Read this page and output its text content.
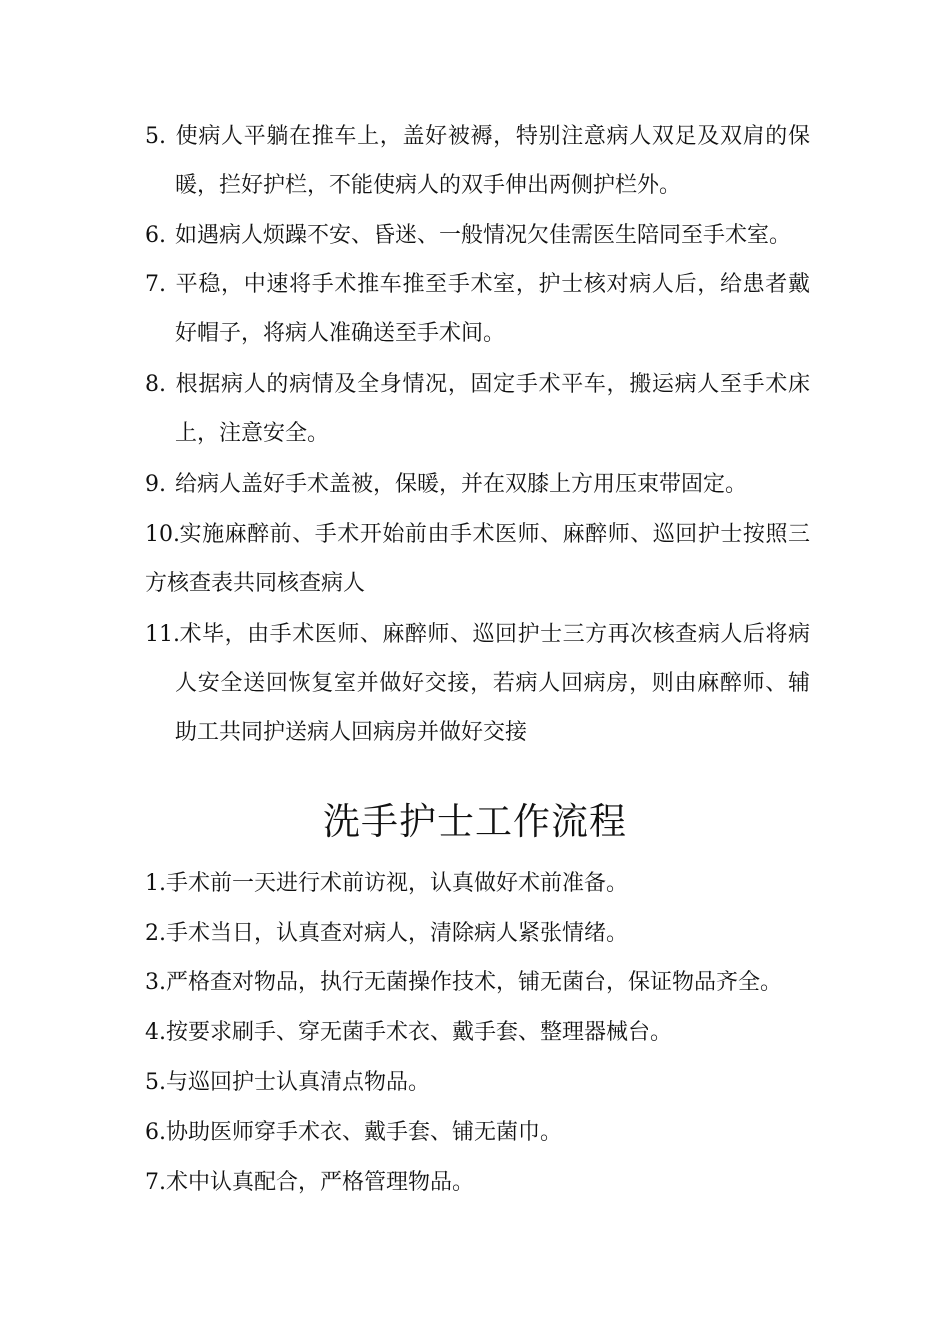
5. 使病人平躺在推车上，盖好被褥，特别注意病人双足及双肩的保暖，拦好护栏，不能使病人的双手伸出两侧护栏外。
6. 如遇病人烦躁不安、昏迷、一般情况欠佳需医生陪同至手术室。
7. 平稳，中速将手术推车推至手术室，护士核对病人后，给患者戴好帽子，将病人准确送至手术间。
8. 根据病人的病情及全身情况，固定手术平车，搬运病人至手术床上，注意安全。
9. 给病人盖好手术盖被，保暖，并在双膝上方用压束带固定。
10.实施麻醉前、手术开始前由手术医师、麻醉师、巡回护士按照三方核查表共同核查病人
11.术毕，由手术医师、麻醉师、巡回护士三方再次核查病人后将病人安全送回恢复室并做好交接，若病人回病房，则由麻醉师、辅助工共同护送病人回病房并做好交接
洗手护士工作流程
1.手术前一天进行术前访视，认真做好术前准备。
2.手术当日，认真查对病人，清除病人紧张情绪。
3.严格查对物品，执行无菌操作技术，铺无菌台，保证物品齐全。
4.按要求刷手、穿无菌手术衣、戴手套、整理器械台。
5.与巡回护士认真清点物品。
6.协助医师穿手术衣、戴手套、铺无菌巾。
7.术中认真配合，严格管理物品。
